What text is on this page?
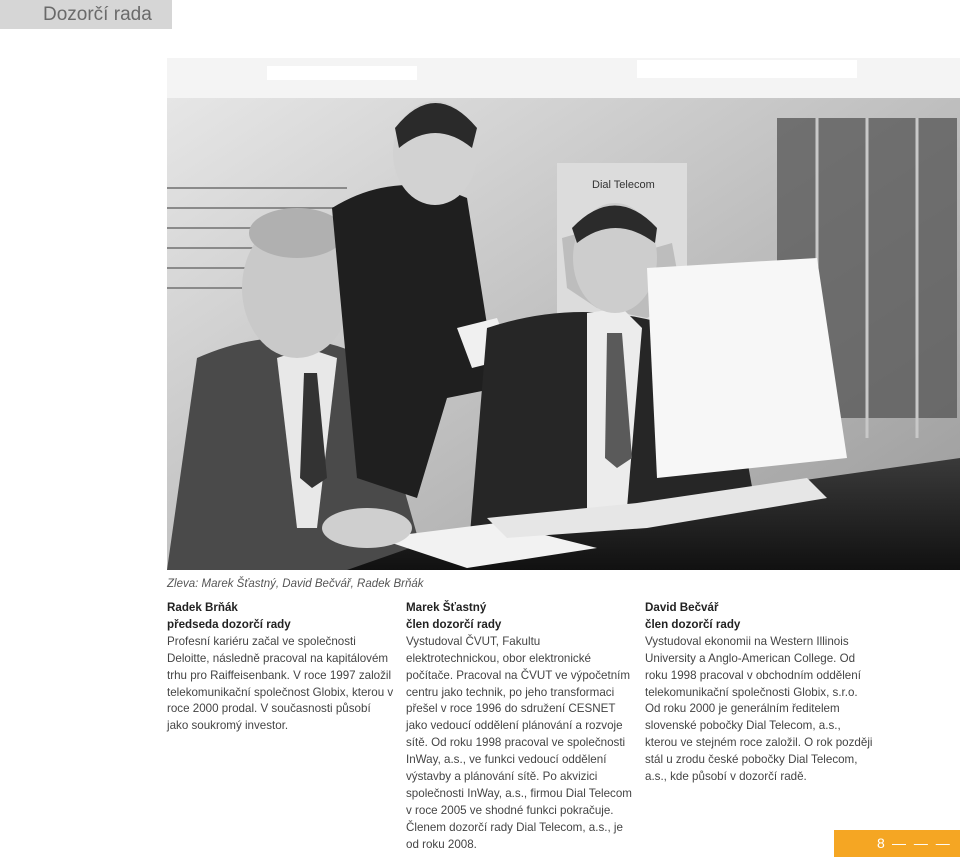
Dozorčí rada
Dial Telecom
Zleva: Marek Šťastný, David Bečvář, Radek Brňák
Radek Brňák
předseda dozorčí rady

Profesní kariéru začal ve společnosti Deloitte, následně pracoval na kapitálovém trhu pro Raiffeisenbank. V roce 1997 založil telekomunikační společnost Globix, kterou v roce 2000 prodal. V současnosti působí jako soukromý investor.

Marek Šťastný
člen dozorčí rady

Vystudoval ČVUT, Fakultu elektrotechnickou, obor elektronické počítače. Pracoval na ČVUT ve výpočetním centru jako technik, po jeho transformaci přešel v roce 1996 do sdružení CESNET jako vedoucí oddělení plánování a rozvoje sítě. Od roku 1998 pracoval ve společnosti InWay, a.s., ve funkci vedoucí oddělení výstavby a plánování sítě. Po akvizici společnosti InWay, a.s., firmou Dial Telecom v roce 2005 ve shodné funkci pokračuje. Členem dozorčí rady Dial Telecom, a.s., je od roku 2008.

David Bečvář
člen dozorčí rady

Vystudoval ekonomii na Western Illinois University a Anglo-American College. Od roku 1998 pracoval v obchodním oddělení telekomunikační společnosti Globix, s.r.o. Od roku 2000 je generálním ředitelem slovenské pobočky Dial Telecom, a.s., kterou ve stejném roce založil. O rok později stál u zrodu české pobočky Dial Telecom, a.s., kde působí v dozorčí radě.

8 — — —
